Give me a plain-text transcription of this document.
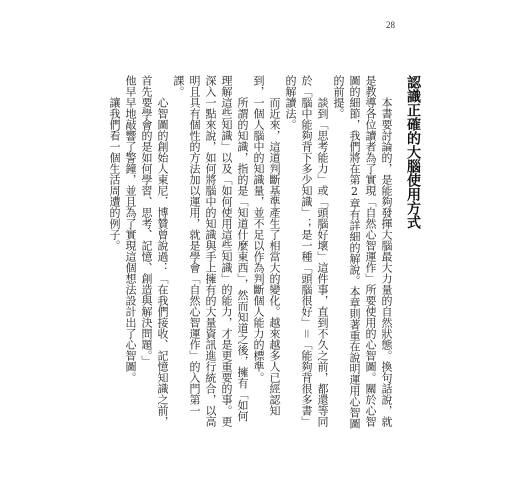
28
認識正確的大腦使用方式
本書要討論的，是能夠發揮大腦最大力量的自然狀態。換句話說，就是教導各位讀者為了實現「自然心智運作」所要使用的心智圖。關於心智圖的細節，我們將在第2章有詳細的解說。本章則著重在說明運用心智圖的前提。
談到「思考能力」或「頭腦好壞」這件事，直到不久之前，都還等同於「腦中能夠背下多少知識」；是一種「頭腦很好」＝「能夠背很多書」的解讀法。
而近來，這道判斷基準產生了相當大的變化。越來越多人已經認知到，一個人腦中的知識量，並不足以作為判斷個人能力的標準。
所謂的知識，指的是「知道什麼東西」，然而知道之後，擁有「如何理解這些知識」以及「如何使用這些知識」的能力，才是更重要的事。更深入一點來說，如何將腦中的知識與手上擁有的大量資訊進行統合，以高明且具有個性的方法加以運用，就是學會「自然心智運作」的入門第一課。
心智圖的創始人東尼．博贊曾說過：「在我們接收、記憶知識之前，首先要學會的是如何學習、思考、記憶、創造與解決問題。」
他早早地敲響了警鐘，並且為了實現這個想法設計出了心智圖。
讓我們看一個生活周遭的例子。
